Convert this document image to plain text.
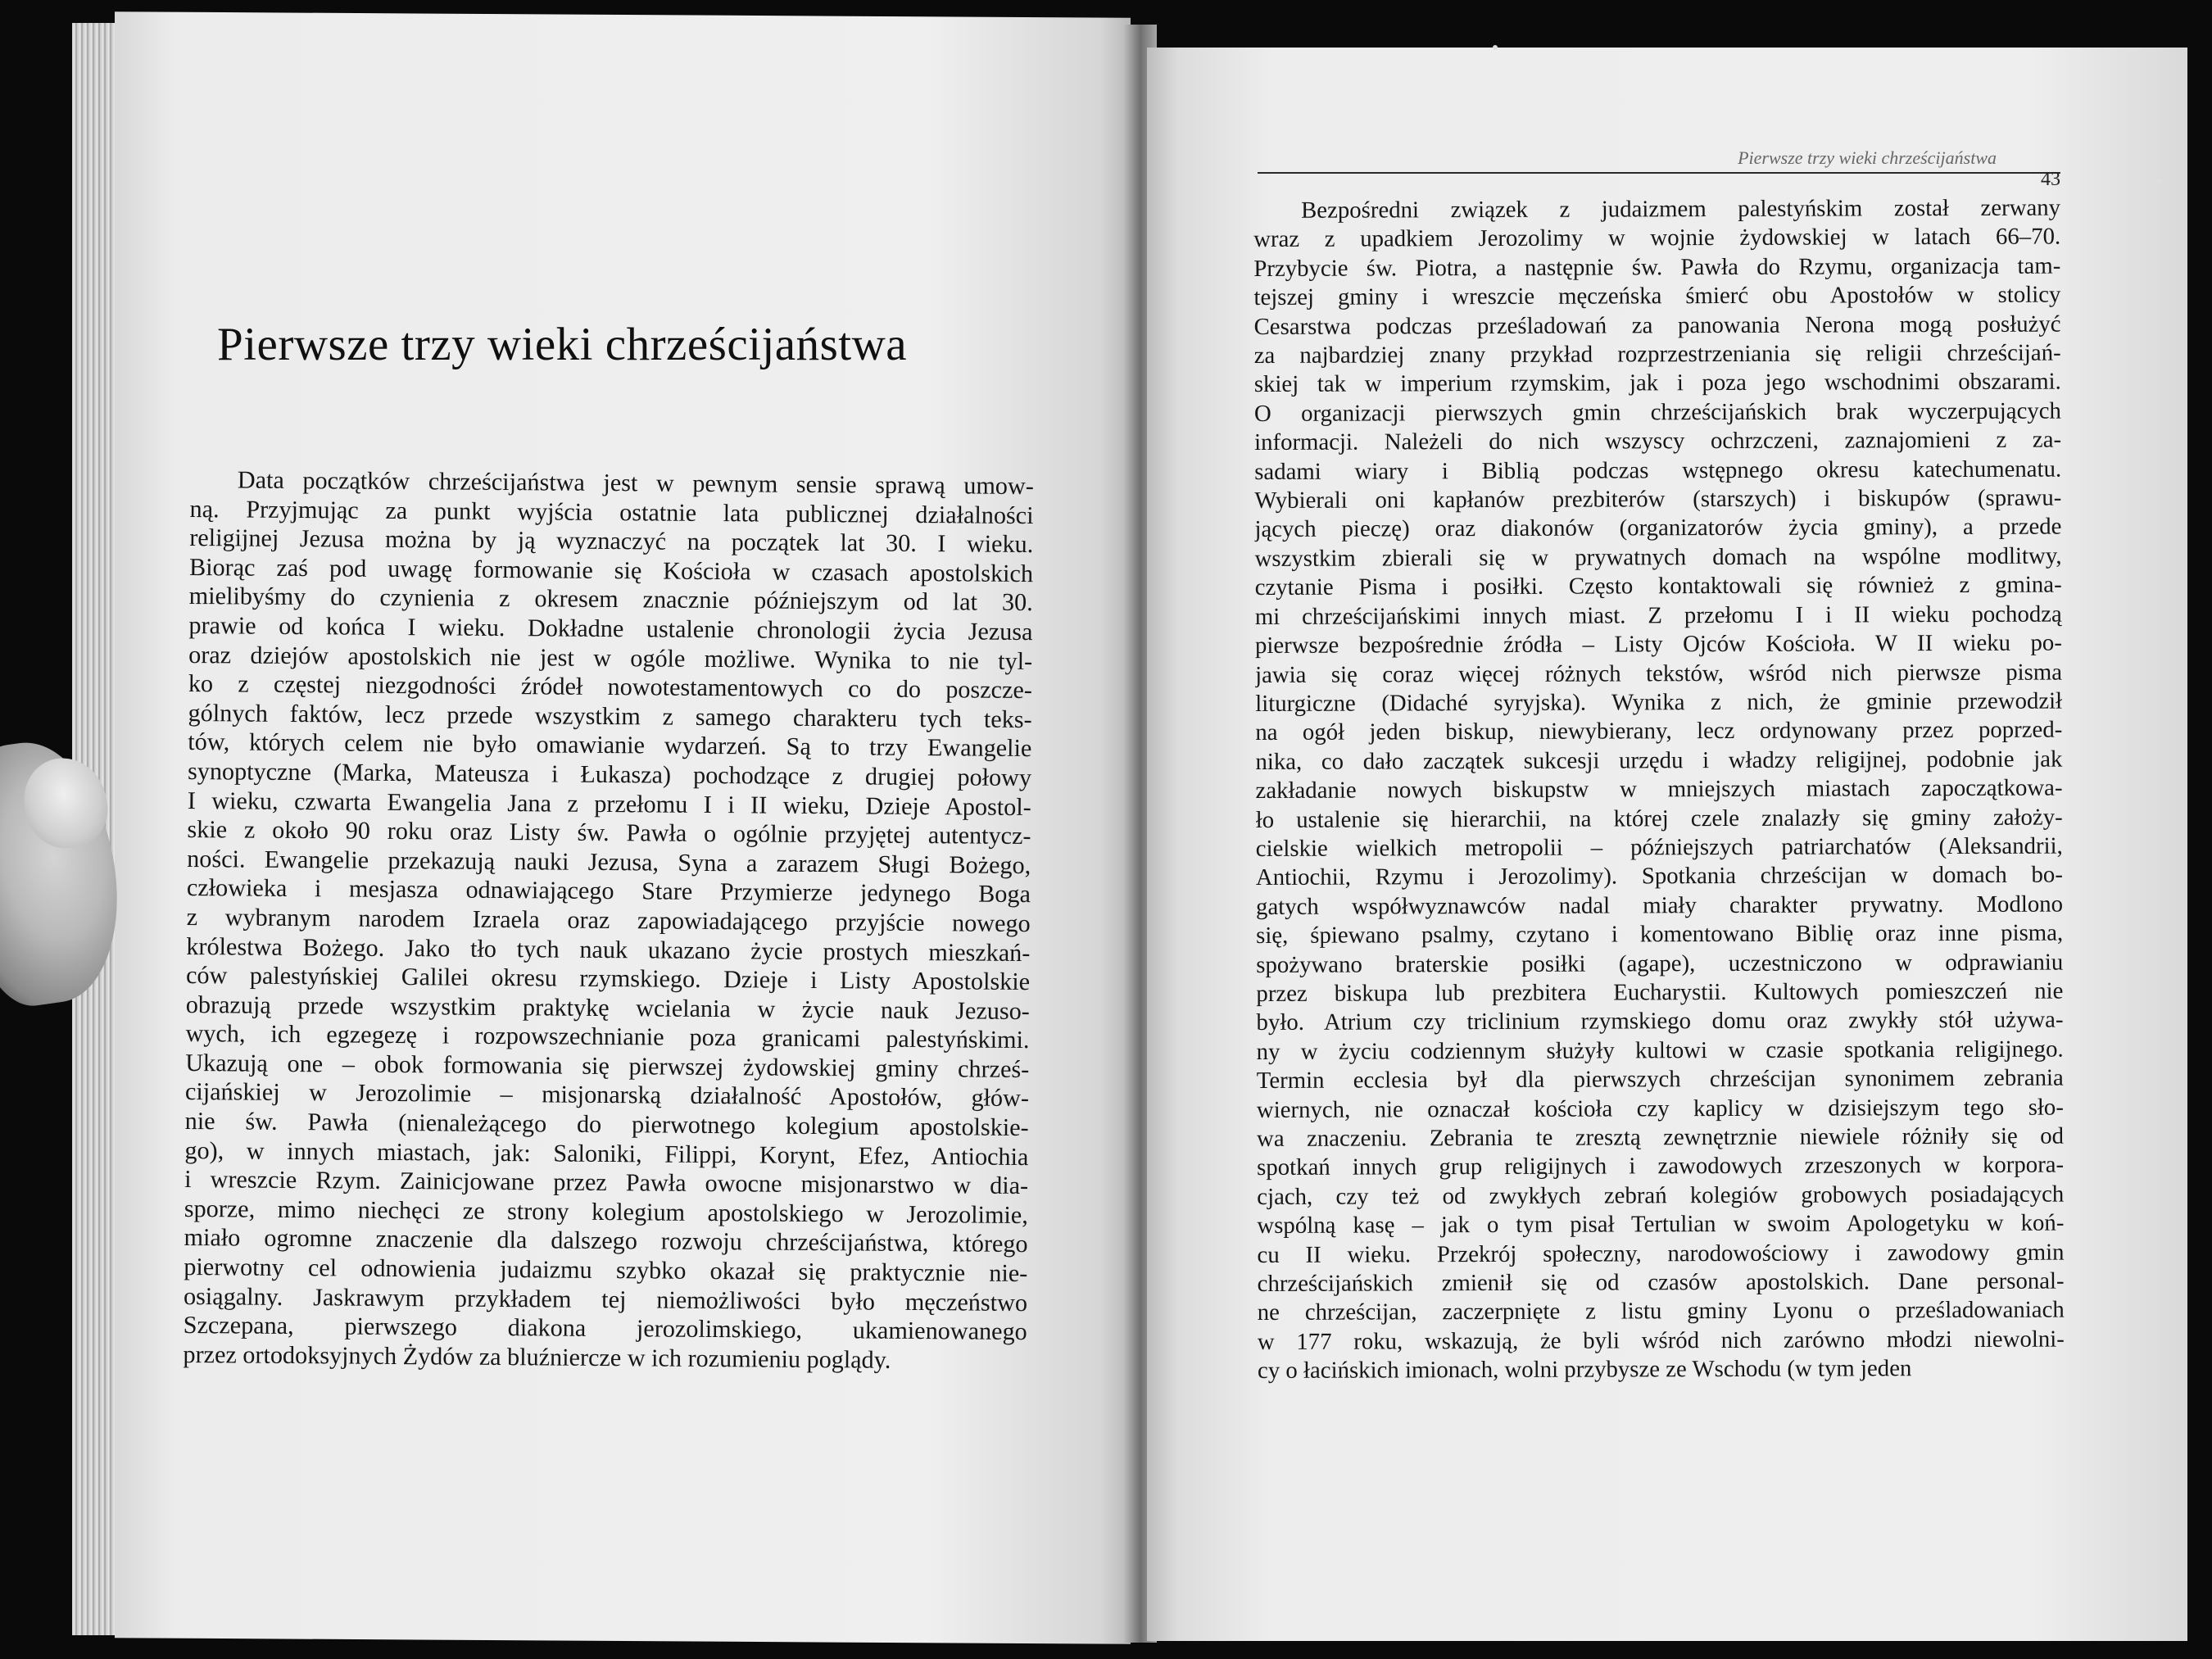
Pierwsze trzy wieki chrześcijaństwa
Data początków chrześcijaństwa jest w pewnym sensie sprawą umow-
ną. Przyjmując za punkt wyjścia ostatnie lata publicznej działalności
religijnej Jezusa można by ją wyznaczyć na początek lat 30. I wieku.
Biorąc zaś pod uwagę formowanie się Kościoła w czasach apostolskich
mielibyśmy do czynienia z okresem znacznie późniejszym od lat 30.
prawie od końca I wieku. Dokładne ustalenie chronologii życia Jezusa
oraz dziejów apostolskich nie jest w ogóle możliwe. Wynika to nie tyl-
ko z częstej niezgodności źródeł nowotestamentowych co do poszcze-
gólnych faktów, lecz przede wszystkim z samego charakteru tych teks-
tów, których celem nie było omawianie wydarzeń. Są to trzy Ewangelie
synoptyczne (Marka, Mateusza i Łukasza) pochodzące z drugiej połowy
I wieku, czwarta Ewangelia Jana z przełomu I i II wieku, Dzieje Apostol-
skie z około 90 roku oraz Listy św. Pawła o ogólnie przyjętej autentycz-
ności. Ewangelie przekazują nauki Jezusa, Syna a zarazem Sługi Bożego,
człowieka i mesjasza odnawiającego Stare Przymierze jedynego Boga
z wybranym narodem Izraela oraz zapowiadającego przyjście nowego
królestwa Bożego. Jako tło tych nauk ukazano życie prostych mieszkań-
ców palestyńskiej Galilei okresu rzymskiego. Dzieje i Listy Apostolskie
obrazują przede wszystkim praktykę wcielania w życie nauk Jezuso-
wych, ich egzegezę i rozpowszechnianie poza granicami palestyńskimi.
Ukazują one – obok formowania się pierwszej żydowskiej gminy chrześ-
cijańskiej w Jerozolimie – misjonarską działalność Apostołów, głów-
nie św. Pawła (nienależącego do pierwotnego kolegium apostolskie-
go), w innych miastach, jak: Saloniki, Filippi, Korynt, Efez, Antiochia
i wreszcie Rzym. Zainicjowane przez Pawła owocne misjonarstwo w dia-
sporze, mimo niechęci ze strony kolegium apostolskiego w Jerozolimie,
miało ogromne znaczenie dla dalszego rozwoju chrześcijaństwa, którego
pierwotny cel odnowienia judaizmu szybko okazał się praktycznie nie-
osiągalny. Jaskrawym przykładem tej niemożliwości było męczeństwo
Szczepana, pierwszego diakona jerozolimskiego, ukamienowanego
przez ortodoksyjnych Żydów za bluźniercze w ich rozumieniu poglądy.
Pierwsze trzy wieki chrześcijaństwa
43
Bezpośredni związek z judaizmem palestyńskim został zerwany
wraz z upadkiem Jerozolimy w wojnie żydowskiej w latach 66–70.
Przybycie św. Piotra, a następnie św. Pawła do Rzymu, organizacja tam-
tejszej gminy i wreszcie męczeńska śmierć obu Apostołów w stolicy
Cesarstwa podczas prześladowań za panowania Nerona mogą posłużyć
za najbardziej znany przykład rozprzestrzeniania się religii chrześcijań-
skiej tak w imperium rzymskim, jak i poza jego wschodnimi obszarami.
O organizacji pierwszych gmin chrześcijańskich brak wyczerpujących
informacji. Należeli do nich wszyscy ochrzczeni, zaznajomieni z za-
sadami wiary i Biblią podczas wstępnego okresu katechumenatu.
Wybierali oni kapłanów prezbiterów (starszych) i biskupów (sprawu-
jących pieczę) oraz diakonów (organizatorów życia gminy), a przede
wszystkim zbierali się w prywatnych domach na wspólne modlitwy,
czytanie Pisma i posiłki. Często kontaktowali się również z gmina-
mi chrześcijańskimi innych miast. Z przełomu I i II wieku pochodzą
pierwsze bezpośrednie źródła – Listy Ojców Kościoła. W II wieku po-
jawia się coraz więcej różnych tekstów, wśród nich pierwsze pisma
liturgiczne (Didaché syryjska). Wynika z nich, że gminie przewodził
na ogół jeden biskup, niewybierany, lecz ordynowany przez poprzed-
nika, co dało zaczątek sukcesji urzędu i władzy religijnej, podobnie jak
zakładanie nowych biskupstw w mniejszych miastach zapoczątkowa-
ło ustalenie się hierarchii, na której czele znalazły się gminy założy-
cielskie wielkich metropolii – późniejszych patriarchatów (Aleksandrii,
Antiochii, Rzymu i Jerozolimy). Spotkania chrześcijan w domach bo-
gatych współwyznawców nadal miały charakter prywatny. Modlono
się, śpiewano psalmy, czytano i komentowano Biblię oraz inne pisma,
spożywano braterskie posiłki (agape), uczestniczono w odprawianiu
przez biskupa lub prezbitera Eucharystii. Kultowych pomieszczeń nie
było. Atrium czy triclinium rzymskiego domu oraz zwykły stół używa-
ny w życiu codziennym służyły kultowi w czasie spotkania religijnego.
Termin ecclesia był dla pierwszych chrześcijan synonimem zebrania
wiernych, nie oznaczał kościoła czy kaplicy w dzisiejszym tego sło-
wa znaczeniu. Zebrania te zresztą zewnętrznie niewiele różniły się od
spotkań innych grup religijnych i zawodowych zrzeszonych w korpora-
cjach, czy też od zwykłych zebrań kolegiów grobowych posiadających
wspólną kasę – jak o tym pisał Tertulian w swoim Apologetyku w koń-
cu II wieku. Przekrój społeczny, narodowościowy i zawodowy gmin
chrześcijańskich zmienił się od czasów apostolskich. Dane personal-
ne chrześcijan, zaczerpnięte z listu gminy Lyonu o prześladowaniach
w 177 roku, wskazują, że byli wśród nich zarówno młodzi niewolni-
cy o łacińskich imionach, wolni przybysze ze Wschodu (w tym jeden
